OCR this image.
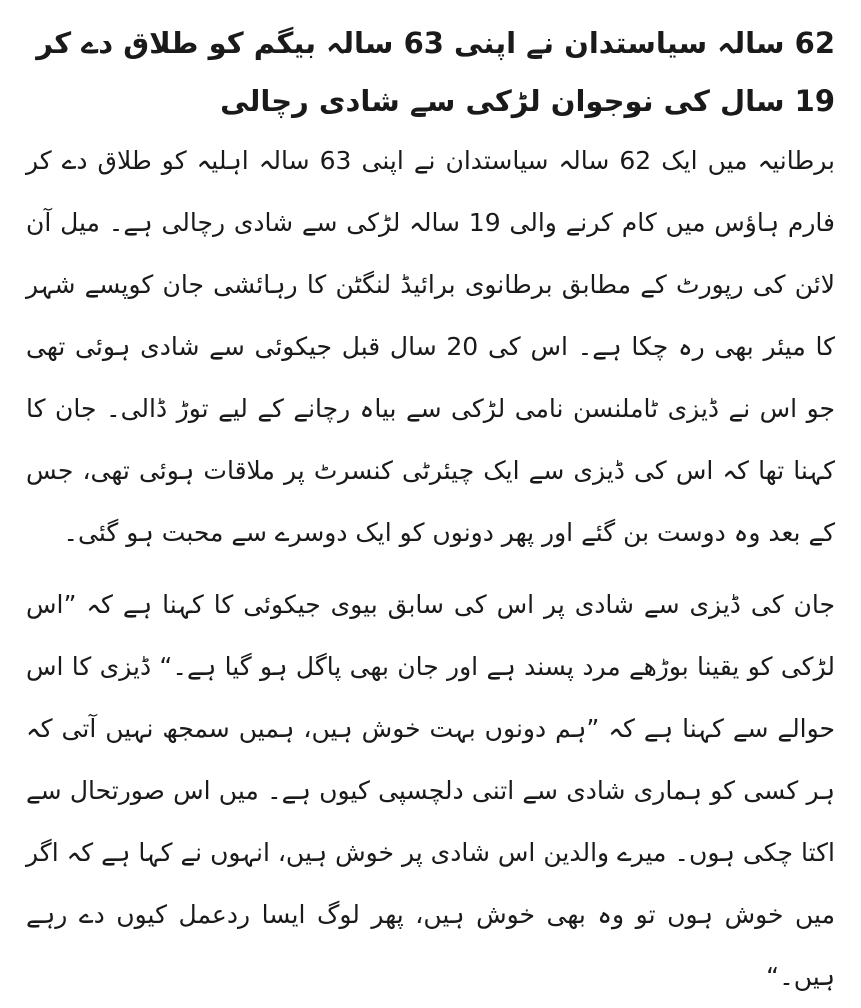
62 سالہ سیاستدان نے اپنی 63 سالہ بیگم کو طلاق دے کر 19 سال کی نوجوان لڑکی سے شادی رچالی

برطانیہ میں ایک 62 سالہ سیاستدان نے اپنی 63 سالہ اہلیہ کو طلاق دے کر فارم ہاؤس میں کام کرنے والی 19 سالہ لڑکی سے شادی رچالی ہے۔ میل آن لائن کی رپورٹ کے مطابق برطانوی برائیڈ لنگٹن کا رہائشی جان کوپسے شہر کا میئر بھی رہ چکا ہے۔ اس کی 20 سال قبل جیکوئی سے شادی ہوئی تھی جو اس نے ڈیزی ٹاملنسن نامی لڑکی سے بیاہ رچانے کے لیے توڑ ڈالی۔ جان کا کہنا تھا کہ اس کی ڈیزی سے ایک چیئرٹی کنسرٹ پر ملاقات ہوئی تھی، جس کے بعد وہ دوست بن گئے اور پھر دونوں کو ایک دوسرے سے محبت ہو گئی۔

جان کی ڈیزی سے شادی پر اس کی سابق بیوی جیکوئی کا کہنا ہے کہ ”اس لڑکی کو یقینا بوڑھے مرد پسند ہے اور جان بھی پاگل ہو گیا ہے۔“ ڈیزی کا اس حوالے سے کہنا ہے کہ ”ہم دونوں بہت خوش ہیں، ہمیں سمجھ نہیں آتی کہ ہر کسی کو ہماری شادی سے اتنی دلچسپی کیوں ہے۔ میں اس صورتحال سے اکتا چکی ہوں۔ میرے والدین اس شادی پر خوش ہیں، انہوں نے کہا ہے کہ اگر میں خوش ہوں تو وہ بھی خوش ہیں، پھر لوگ ایسا ردعمل کیوں دے رہے ہیں۔“
